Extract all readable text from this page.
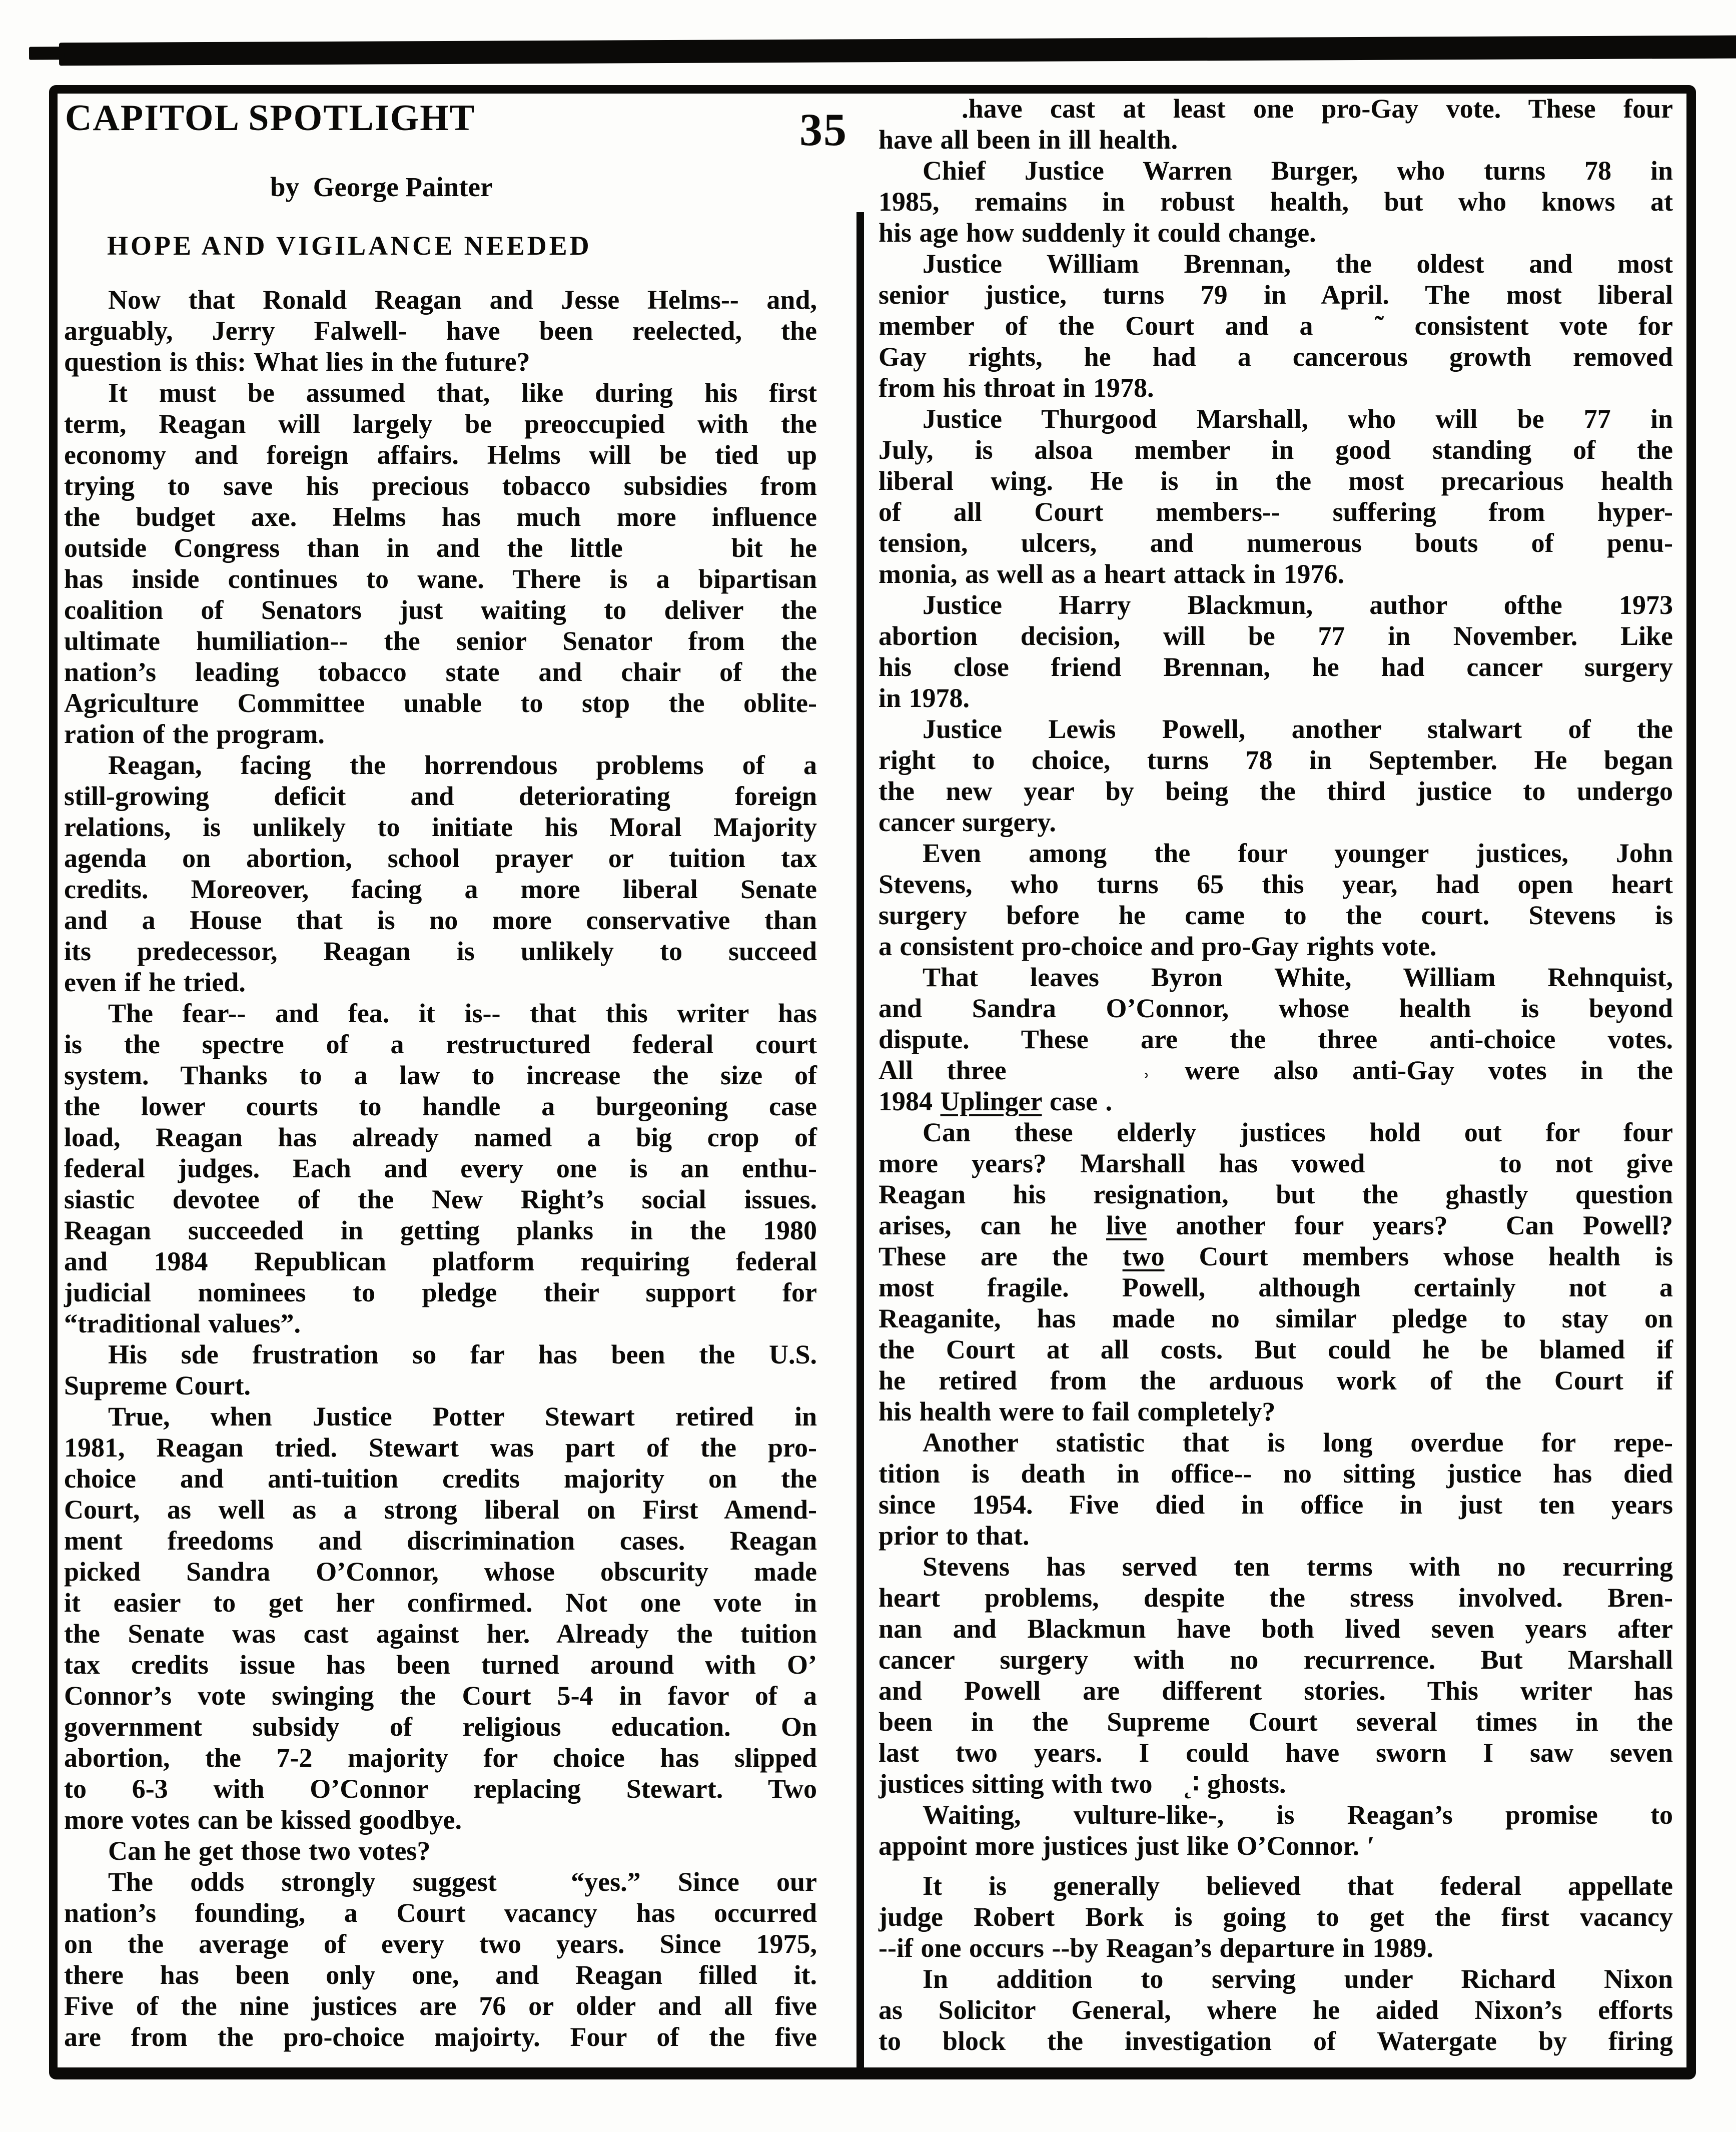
35
CAPITOL SPOTLIGHT
by  George Painter
HOPE AND VIGILANCE NEEDED
Now that Ronald Reagan and Jesse Helms-- and,
arguably, Jerry Falwell- have been reelected, the
question is this: What lies in the future?
It must be assumed that, like during his first
term, Reagan will largely be preoccupied with the
economy and foreign affairs. Helms will be tied up
trying to save his precious tobacco subsidies from
the budget axe. Helms has much more influence
outside Congress than in and the little    bit he
has inside continues to wane. There is a bipartisan
coalition of Senators just waiting to deliver the
ultimate humiliation-- the senior Senator from the
nation’s leading tobacco state and chair of the
Agriculture Committee unable to stop the oblite-
ration of the program.
Reagan, facing the horrendous problems of a
still-growing deficit and deteriorating foreign
relations, is unlikely to initiate his Moral Majority
agenda on abortion, school prayer or tuition tax
credits. Moreover, facing a more liberal Senate
and a House that is no more conservative than
its predecessor, Reagan is unlikely to succeed
even if he tried.
The fear-- and fea. it is-- that this writer has
is the spectre of a restructured federal court
system. Thanks to a law to increase the size of
the lower courts to handle a burgeoning case
load, Reagan has already named a big crop of
federal judges. Each and every one is an enthu-
siastic devotee of the New Right’s social issues.
Reagan succeeded in getting planks in the 1980
and 1984 Republican platform requiring federal
judicial nominees to pledge their support for
“traditional values”.
His sde frustration so far has been the U.S.
Supreme Court.
True, when Justice Potter Stewart retired in
1981, Reagan tried. Stewart was part of the pro-
choice and anti-tuition credits majority on the
Court, as well as a strong liberal on First Amend-
ment freedoms and discrimination cases. Reagan
picked Sandra O’Connor, whose obscurity made
it easier to get her confirmed. Not one vote in
the Senate was cast against her. Already the tuition
tax credits issue has been turned around with O’
Connor’s vote swinging the Court 5-4 in favor of a
government subsidy of religious education. On
abortion, the 7-2 majority for choice has slipped
to 6-3 with O’Connor replacing Stewart. Two
more votes can be kissed goodbye.
Can he get those two votes?
The odds strongly suggest  “yes.” Since our
nation’s founding, a Court vacancy has occurred
on the average of every two years. Since 1975,
there has been only one, and Reagan filled it.
Five of the nine justices are 76 or older and all five
are from the pro-choice majoirty. Four of the five
.have cast at least one pro-Gay vote. These four
have all been in ill health.
Chief Justice Warren Burger, who turns 78 in
1985, remains in robust health, but who knows at
his age how suddenly it could change.
Justice William Brennan, the oldest and most
senior justice, turns 79 in April. The most liberal
member of the Court and a  ˜ consistent vote for
Gay rights, he had a cancerous growth removed
from his throat in 1978.
Justice Thurgood Marshall, who will be 77 in
July, is alsoa member in good standing of the
liberal wing. He is in the most precarious health
of all Court members-- suffering from hyper-
tension, ulcers, and numerous bouts of penu-
monia, as well as a heart attack in 1976.
Justice Harry Blackmun, author ofthe 1973
abortion decision, will be 77 in November. Like
his close friend Brennan, he had cancer surgery
in 1978.
Justice Lewis Powell, another stalwart of the
right to choice, turns 78 in September. He began
the new year by being the third justice to undergo
cancer surgery.
Even among the four younger justices, John
Stevens, who turns 65 this year, had open heart
surgery before he came to the court. Stevens is
a consistent pro-choice and pro-Gay rights vote.
That leaves Byron White, William Rehnquist,
and Sandra O’Connor, whose health is beyond
dispute. These are the three anti-choice votes.
All three    ˒ were also anti-Gay votes in the
1984 Uplinger case .
Can these elderly justices hold out for four
more years? Marshall has vowed    to not give
Reagan his resignation, but the ghastly question
arises, can he live another four years?  Can Powell?
These are the two Court members whose health is
most fragile. Powell, although certainly not a
Reaganite, has made no similar pledge to stay on
the Court at all costs. But could he be blamed if
he retired from the arduous work of the Court if
his health were to fail completely?
Another statistic that is long overdue for repe-
tition is death in office-- no sitting justice has died
since 1954. Five died in office in just ten years
prior to that.
Stevens has served ten terms with no recurring
heart problems, despite the stress involved. Bren-
nan and Blackmun have both lived seven years after
cancer surgery with no recurrence. But Marshall
and Powell are different stories. This writer has
been in the Supreme Court several times in the
last two years. I could have sworn I saw seven
justices sitting with two    ˛∶ ghosts.
Waiting, vulture-like-, is Reagan’s promise to
appoint more justices just like O’Connor. ′
It is generally believed that federal appellate
judge Robert Bork is going to get the first vacancy
--if one occurs --by Reagan’s departure in 1989.
In addition to serving under Richard Nixon
as Solicitor General, where he aided Nixon’s efforts
to block the investigation of Watergate by firing
